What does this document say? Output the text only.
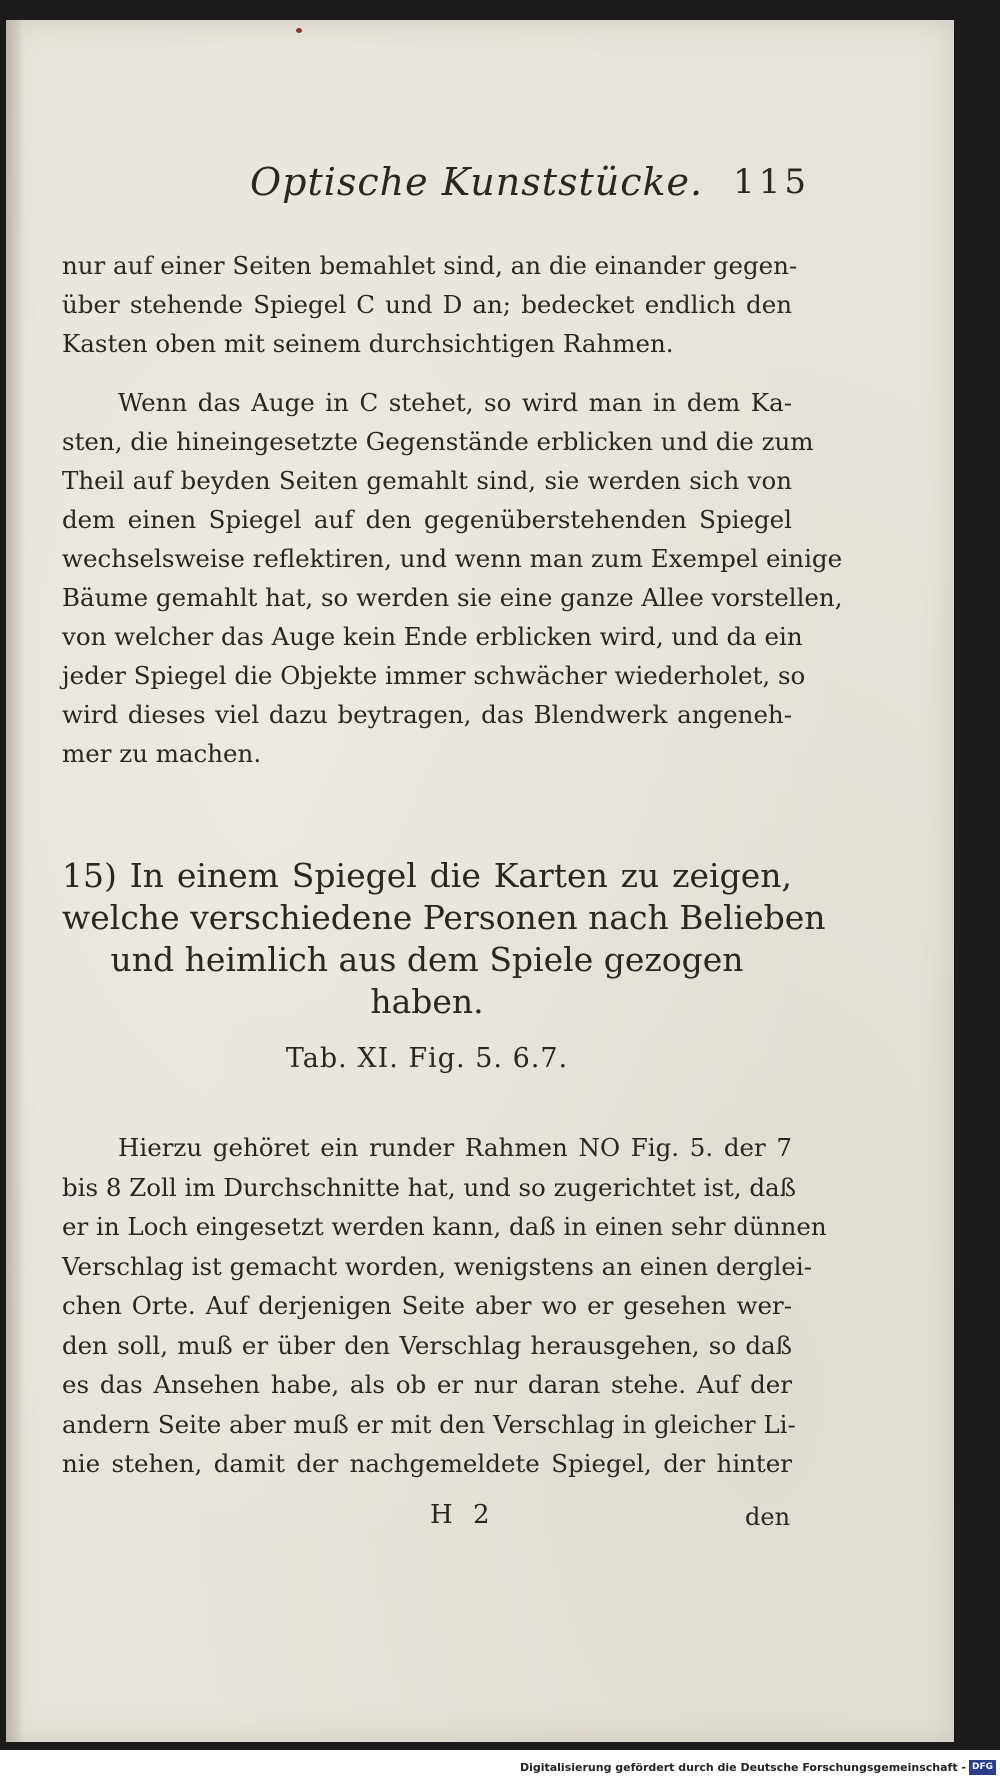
Optische Kunststücke. 115
nur auf einer Seiten bemahlet sind, an die einander gegen-
über stehende Spiegel C und D an; bedecket endlich den
Kasten oben mit seinem durchsichtigen Rahmen.
Wenn das Auge in C stehet, so wird man in dem Ka-
sten, die hineingesetzte Gegenstände erblicken und die zum
Theil auf beyden Seiten gemahlt sind, sie werden sich von
dem einen Spiegel auf den gegenüberstehenden Spiegel
wechselsweise reflektiren, und wenn man zum Exempel einige
Bäume gemahlt hat, so werden sie eine ganze Allee vorstellen,
von welcher das Auge kein Ende erblicken wird, und da ein
jeder Spiegel die Objekte immer schwächer wiederholet, so
wird dieses viel dazu beytragen, das Blendwerk angeneh-
mer zu machen.
15) In einem Spiegel die Karten zu zeigen,
welche verschiedene Personen nach Belieben
und heimlich aus dem Spiele gezogen
haben.
Tab. XI. Fig. 5. 6.7.
Hierzu gehöret ein runder Rahmen NO Fig. 5. der 7
bis 8 Zoll im Durchschnitte hat, und so zugerichtet ist, daß
er in Loch eingesetzt werden kann, daß in einen sehr dünnen
Verschlag ist gemacht worden, wenigstens an einen derglei-
chen Orte. Auf derjenigen Seite aber wo er gesehen wer-
den soll, muß er über den Verschlag herausgehen, so daß
es das Ansehen habe, als ob er nur daran stehe. Auf der
andern Seite aber muß er mit den Verschlag in gleicher Li-
nie stehen, damit der nachgemeldete Spiegel, der hinter
H 2	den
Digitalisierung gefördert durch die Deutsche Forschungsgemeinschaft - DFG
